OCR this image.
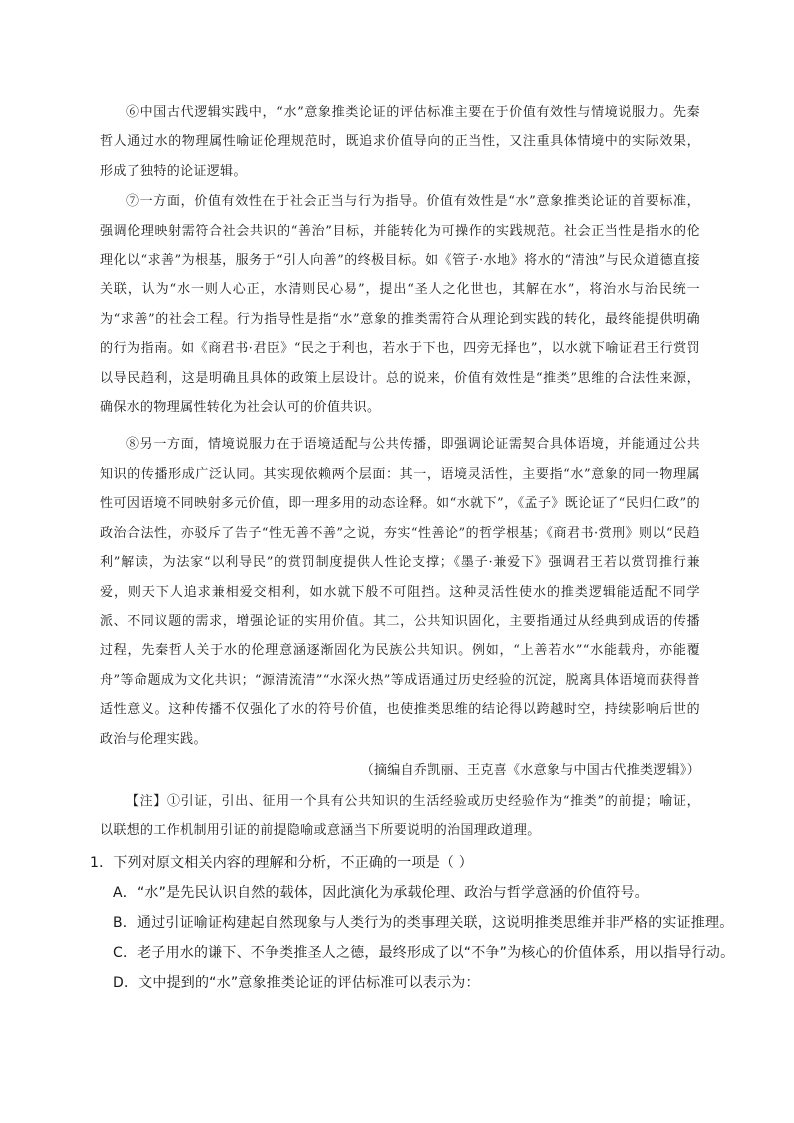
⑥中国古代逻辑实践中，“水”意象推类论证的评估标准主要在于价值有效性与情境说服力。先秦哲人通过水的物理属性喻证伦理规范时，既追求价值导向的正当性，又注重具体情境中的实际效果，形成了独特的论证逻辑。

⑦一方面，价值有效性在于社会正当与行为指导。价值有效性是“水”意象推类论证的首要标准，强调伦理映射需符合社会共识的“善治”目标，并能转化为可操作的实践规范。社会正当性是指水的伦理化以“求善”为根基，服务于“引人向善”的终极目标。如《管子·水地》将水的“清浊”与民众道德直接关联，认为“水一则人心正，水清则民心易”，提出“圣人之化世也，其解在水”，将治水与治民统一为“求善”的社会工程。行为指导性是指“水”意象的推类需符合从理论到实践的转化，最终能提供明确的行为指南。如《商君书·君臣》“民之于利也，若水于下也，四旁无择也”，以水就下喻证君王行赏罚以导民趋利，这是明确且具体的政策上层设计。总的说来，价值有效性是“推类”思维的合法性来源，确保水的物理属性转化为社会认可的价值共识。

⑧另一方面，情境说服力在于语境适配与公共传播，即强调论证需契合具体语境，并能通过公共知识的传播形成广泛认同。其实现依赖两个层面：其一，语境灵活性，主要指“水”意象的同一物理属性可因语境不同映射多元价值，即一理多用的动态诠释。如“水就下”，《孟子》既论证了“民归仁政”的政治合法性，亦驳斥了告子“性无善不善”之说，夯实“性善论”的哲学根基；《商君书·赏刑》则以“民趋利”解读，为法家“以利导民”的赏罚制度提供人性论支撑；《墨子·兼爱下》强调君王若以赏罚推行兼爱，则天下人追求兼相爱交相利，如水就下般不可阻挡。这种灵活性使水的推类逻辑能适配不同学派、不同议题的需求，增强论证的实用价值。其二，公共知识固化，主要指通过从经典到成语的传播过程，先秦哲人关于水的伦理意涵逐渐固化为民族公共知识。例如，“上善若水”“水能载舟，亦能覆舟”等命题成为文化共识；“源清流清”“水深火热”等成语通过历史经验的沉淀，脱离具体语境而获得普适性意义。这种传播不仅强化了水的符号价值，也使推类思维的结论得以跨越时空，持续影响后世的政治与伦理实践。

（摘编自乔凯丽、王克喜《水意象与中国古代推类逻辑》）

【注】①引证，引出、征用一个具有公共知识的生活经验或历史经验作为“推类”的前提；喻证，以联想的工作机制用引证的前提隐喻或意涵当下所要说明的治国理政道理。

1．下列对原文相关内容的理解和分析，不正确的一项是（ ）

A．“水”是先民认识自然的载体，因此演化为承载伦理、政治与哲学意涵的价值符号。

B．通过引证喻证构建起自然现象与人类行为的类事理关联，这说明推类思维并非严格的实证推理。

C．老子用水的谦下、不争类推圣人之德，最终形成了以“不争”为核心的价值体系，用以指导行动。

D．文中提到的“水”意象推类论证的评估标准可以表示为：
